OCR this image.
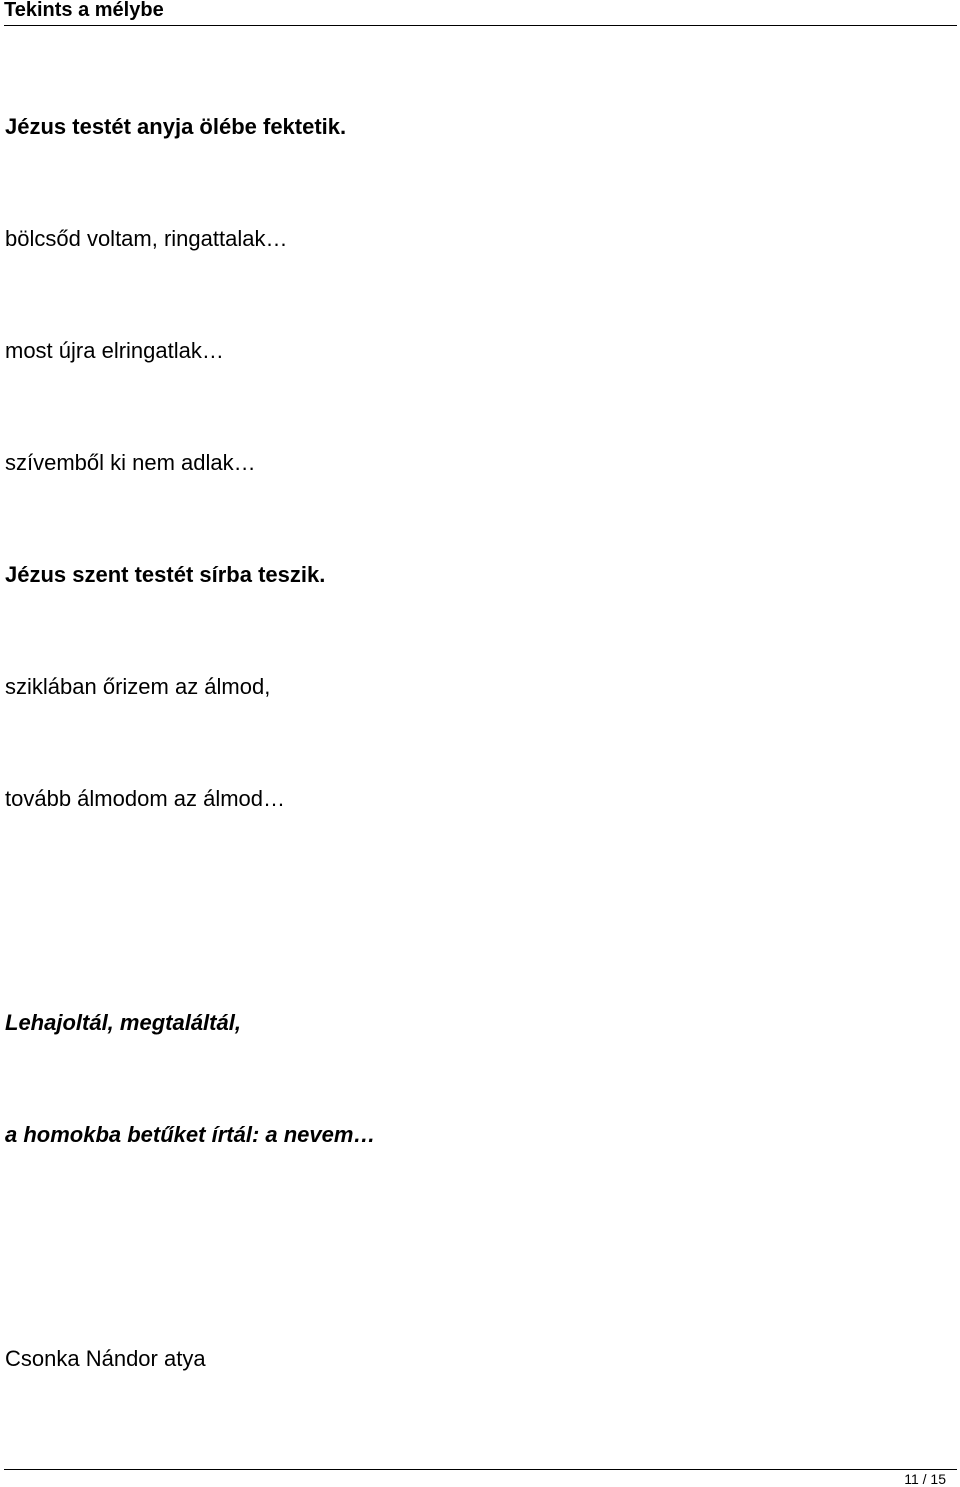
Tekints a mélybe
Jézus testét anyja ölébe fektetik.
bölcsőd voltam, ringattalak…
most újra elringatlak…
szívemből ki nem adlak…
Jézus szent testét sírba teszik.
sziklában őrizem az álmod,
tovább álmodom az álmod…
Lehajoltál, megtaláltál,
a homokba betűket írtál: a nevem…
Csonka Nándor atya
11 / 15
